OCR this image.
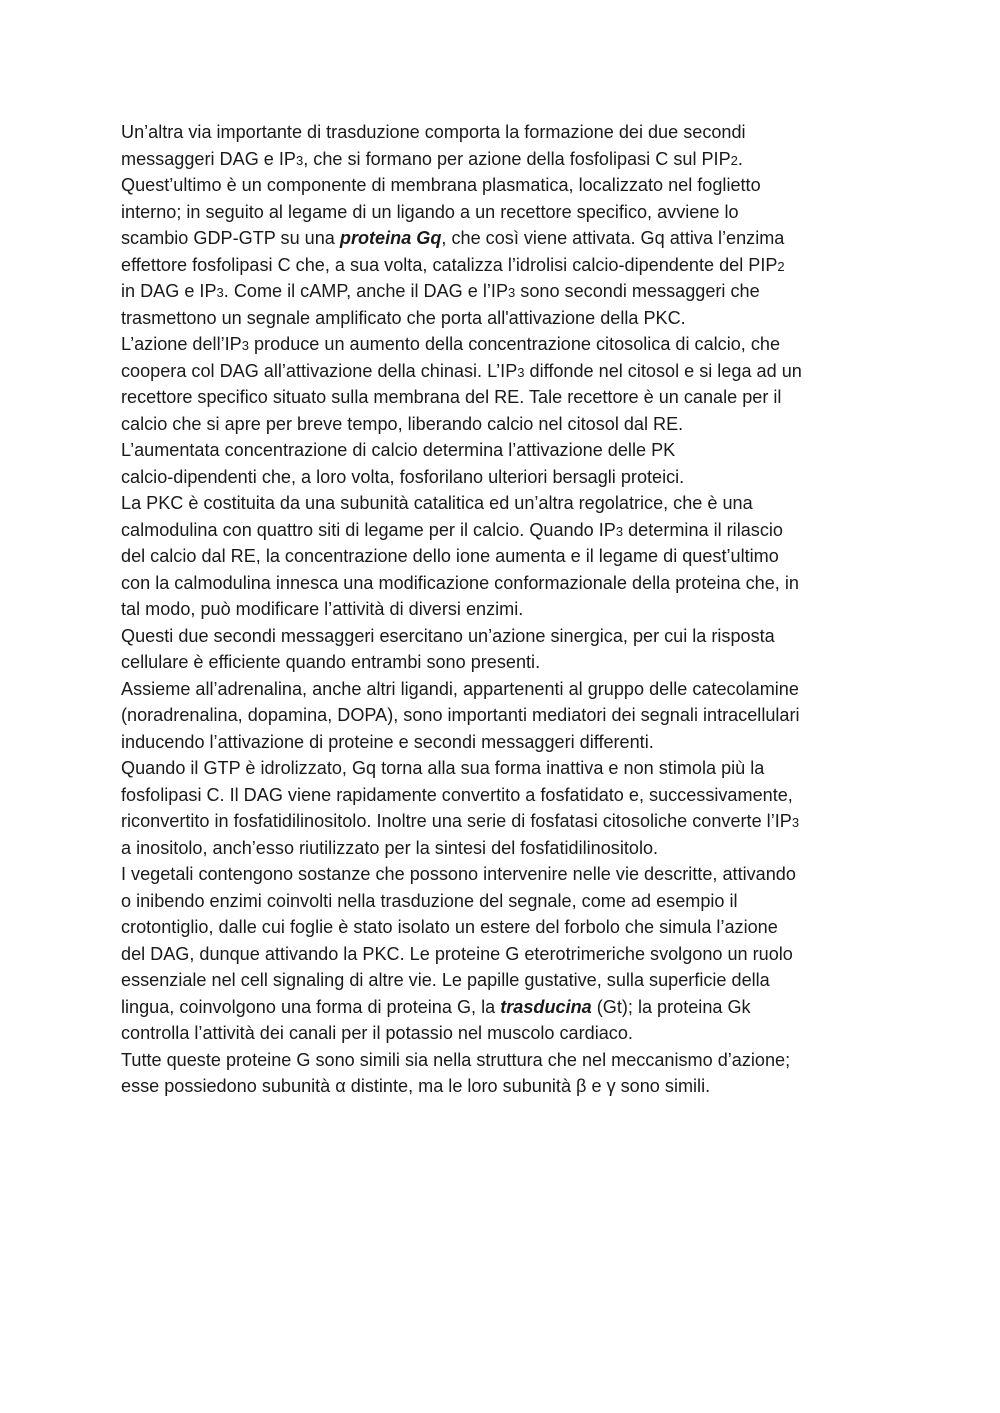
Un’altra via importante di trasduzione comporta la formazione dei due secondi
messaggeri DAG e IP3, che si formano per azione della fosfolipasi C sul PIP2.
Quest’ultimo è un componente di membrana plasmatica, localizzato nel foglietto
interno; in seguito al legame di un ligando a un recettore specifico, avviene lo
scambio GDP-GTP su una proteina Gq, che così viene attivata. Gq attiva l’enzima
effettore fosfolipasi C che, a sua volta, catalizza l’idrolisi calcio-dipendente del PIP2
in DAG e IP3. Come il cAMP, anche il DAG e l’IP3 sono secondi messaggeri che
trasmettono un segnale amplificato che porta all'attivazione della PKC.
L’azione dell’IP3 produce un aumento della concentrazione citosolica di calcio, che
coopera col DAG all’attivazione della chinasi. L’IP3 diffonde nel citosol e si lega ad un
recettore specifico situato sulla membrana del RE. Tale recettore è un canale per il
calcio che si apre per breve tempo, liberando calcio nel citosol dal RE.
L’aumentata concentrazione di calcio determina l’attivazione delle PK
calcio-dipendenti che, a loro volta, fosforilano ulteriori bersagli proteici.
La PKC è costituita da una subunità catalitica ed un’altra regolatrice, che è una
calmodulina con quattro siti di legame per il calcio. Quando IP3 determina il rilascio
del calcio dal RE, la concentrazione dello ione aumenta e il legame di quest’ultimo
con la calmodulina innesca una modificazione conformazionale della proteina che, in
tal modo, può modificare l’attività di diversi enzimi.
Questi due secondi messaggeri esercitano un’azione sinergica, per cui la risposta
cellulare è efficiente quando entrambi sono presenti.
Assieme all’adrenalina, anche altri ligandi, appartenenti al gruppo delle catecolamine
(noradrenalina, dopamina, DOPA), sono importanti mediatori dei segnali intracellulari
inducendo l’attivazione di proteine e secondi messaggeri differenti.
Quando il GTP è idrolizzato, Gq torna alla sua forma inattiva e non stimola più la
fosfolipasi C. Il DAG viene rapidamente convertito a fosfatidato e, successivamente,
riconvertito in fosfatidilinositolo. Inoltre una serie di fosfatasi citosoliche converte l’IP3
a inositolo, anch’esso riutilizzato per la sintesi del fosfatidilinositolo.
I vegetali contengono sostanze che possono intervenire nelle vie descritte, attivando
o inibendo enzimi coinvolti nella trasduzione del segnale, come ad esempio il
crotontiglio, dalle cui foglie è stato isolato un estere del forbolo che simula l’azione
del DAG, dunque attivando la PKC. Le proteine G eterotrimeriche svolgono un ruolo
essenziale nel cell signaling di altre vie. Le papille gustative, sulla superficie della
lingua, coinvolgono una forma di proteina G, la trasducina (Gt); la proteina Gk
controlla l’attività dei canali per il potassio nel muscolo cardiaco.
Tutte queste proteine G sono simili sia nella struttura che nel meccanismo d’azione;
esse possiedono subunità α distinte, ma le loro subunità β e γ sono simili.
